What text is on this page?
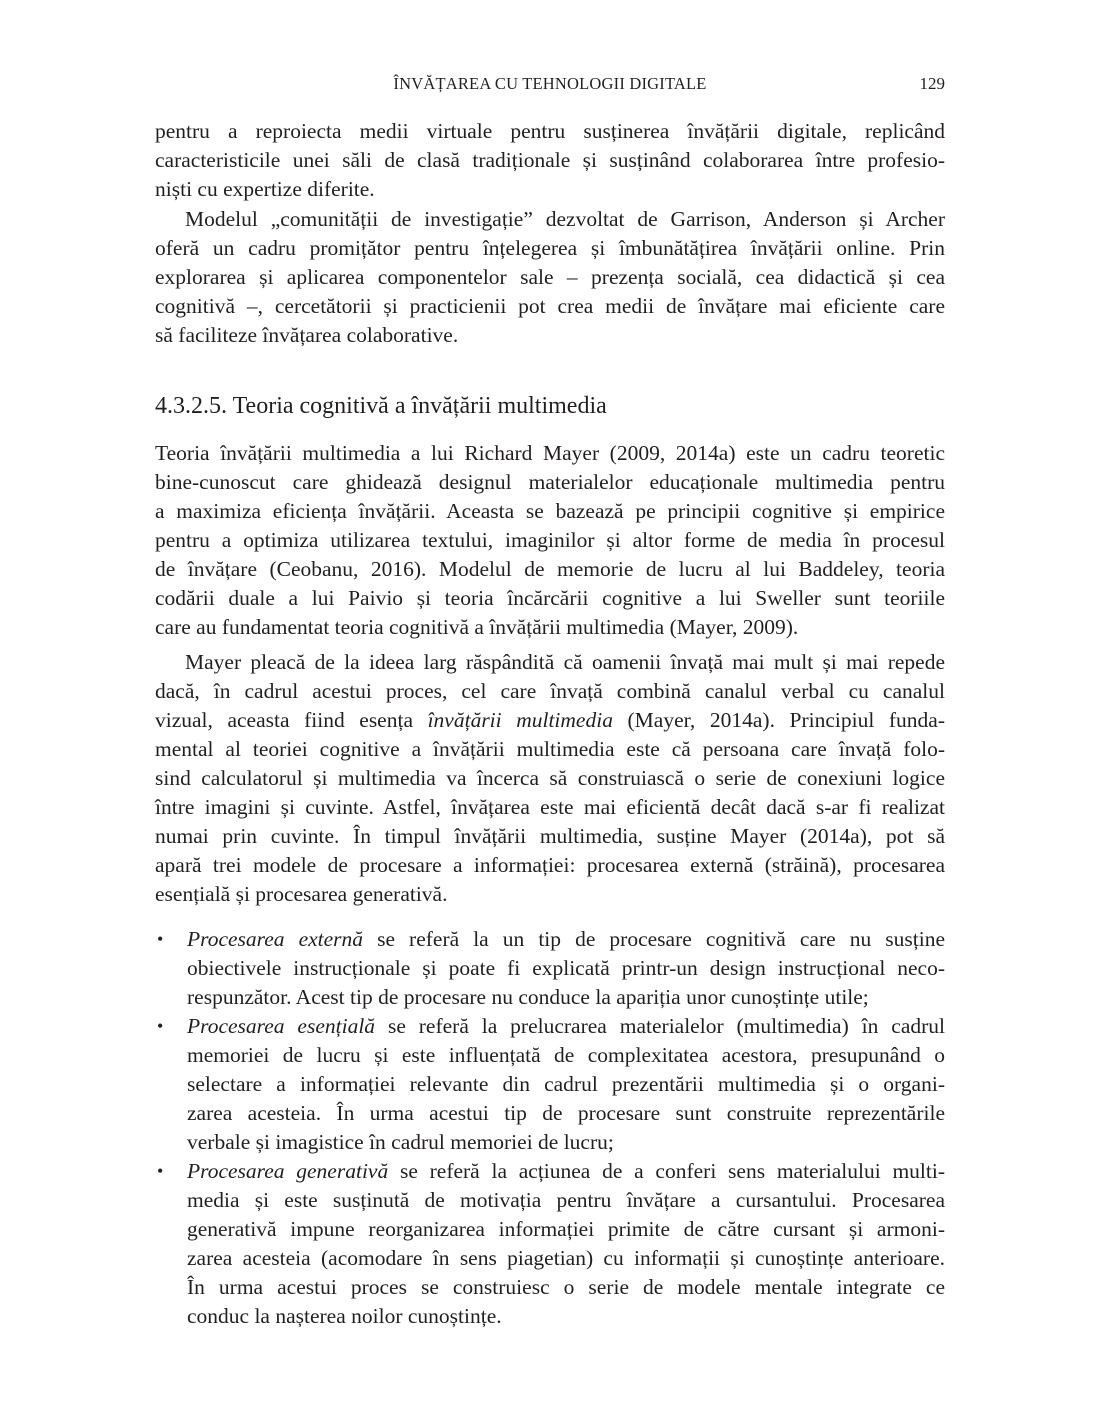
ÎNVĂȚAREA CU TEHNOLOGII DIGITALE	129
pentru a reproiecta medii virtuale pentru susținerea învățării digitale, replicând
caracteristicile unei săli de clasă tradiționale și susținând colaborarea între profesio-
niști cu expertize diferite.
Modelul „comunității de investigație” dezvoltat de Garrison, Anderson și Archer
oferă un cadru promițător pentru înțelegerea și îmbunătățirea învățării online. Prin
explorarea și aplicarea componentelor sale – prezența socială, cea didactică și cea
cognitivă –, cercetătorii și practicienii pot crea medii de învățare mai eficiente care
să faciliteze învățarea colaborative.
4.3.2.5. Teoria cognitivă a învățării multimedia
Teoria învățării multimedia a lui Richard Mayer (2009, 2014a) este un cadru teoretic
bine-cunoscut care ghidează designul materialelor educaționale multimedia pentru
a maximiza eficiența învățării. Aceasta se bazează pe principii cognitive și empirice
pentru a optimiza utilizarea textului, imaginilor și altor forme de media în procesul
de învățare (Ceobanu, 2016). Modelul de memorie de lucru al lui Baddeley, teoria
codării duale a lui Paivio și teoria încărcării cognitive a lui Sweller sunt teoriile
care au fundamentat teoria cognitivă a învățării multimedia (Mayer, 2009).
Mayer pleacă de la ideea larg răspândită că oamenii învață mai mult și mai repede
dacă, în cadrul acestui proces, cel care învață combină canalul verbal cu canalul
vizual, aceasta fiind esența învățării multimedia (Mayer, 2014a). Principiul funda-
mental al teoriei cognitive a învățării multimedia este că persoana care învață folo-
sind calculatorul și multimedia va încerca să construiască o serie de conexiuni logice
între imagini și cuvinte. Astfel, învățarea este mai eficientă decât dacă s-ar fi realizat
numai prin cuvinte. În timpul învățării multimedia, susține Mayer (2014a), pot să
apară trei modele de procesare a informației: procesarea externă (străină), procesarea
esențială și procesarea generativă.
• Procesarea externă se referă la un tip de procesare cognitivă care nu susține
obiectivele instrucționale și poate fi explicată printr-un design instrucțional neco-
respunzător. Acest tip de procesare nu conduce la apariția unor cunoștințe utile;
• Procesarea esențială se referă la prelucrarea materialelor (multimedia) în cadrul
memoriei de lucru și este influențată de complexitatea acestora, presupunând o
selectare a informației relevante din cadrul prezentării multimedia și o organi-
zarea acesteia. În urma acestui tip de procesare sunt construite reprezentările
verbale și imagistice în cadrul memoriei de lucru;
• Procesarea generativă se referă la acțiunea de a conferi sens materialului multi-
media și este susținută de motivația pentru învățare a cursantului. Procesarea
generativă impune reorganizarea informației primite de către cursant și armoni-
zarea acesteia (acomodare în sens piagetian) cu informații și cunoștințe anterioare.
În urma acestui proces se construiesc o serie de modele mentale integrate ce
conduc la nașterea noilor cunoștințe.
